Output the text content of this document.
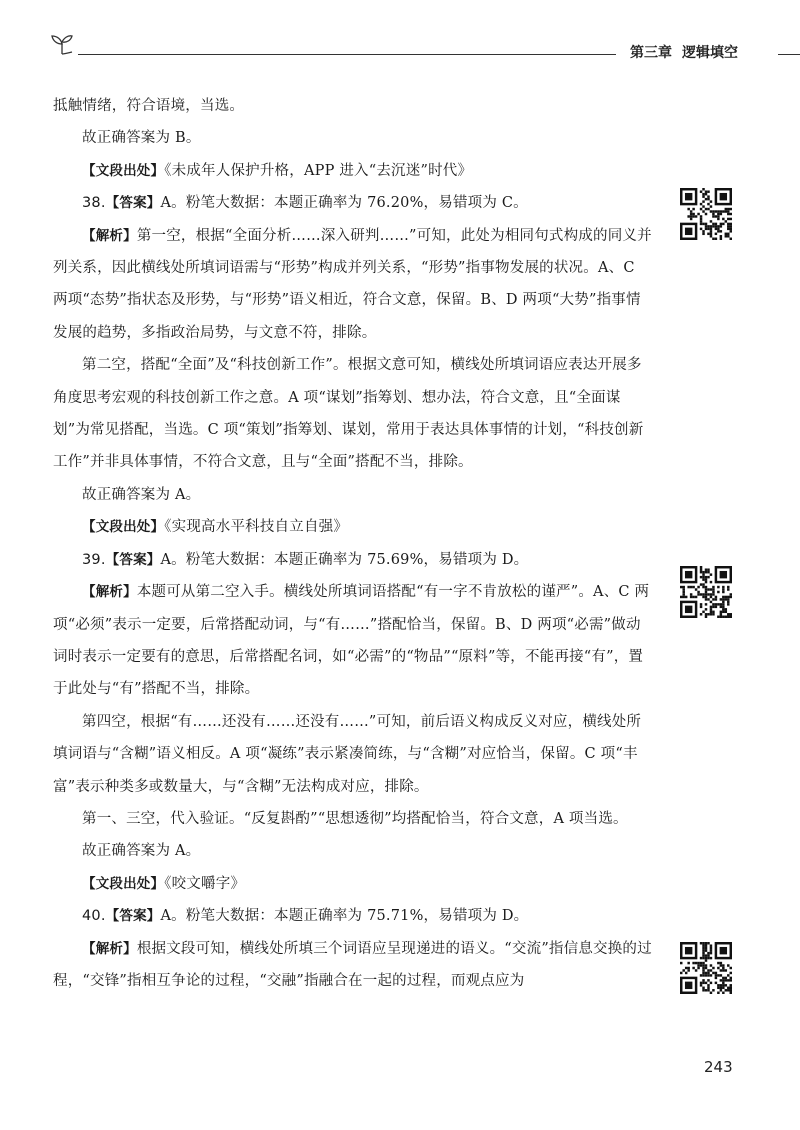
第三章 逻辑填空

抵触情绪，符合语境，当选。

故正确答案为 B。

【文段出处】《未成年人保护升格，APP 进入“去沉迷”时代》

38.【答案】A。粉笔大数据：本题正确率为 76.20%，易错项为 C。

【解析】第一空，根据“全面分析……深入研判……”可知，此处为相同句式构成的同义并列关系，因此横线处所填词语需与“形势”构成并列关系，“形势”指事物发展的状况。A、C 两项“态势”指状态及形势，与“形势”语义相近，符合文意，保留。B、D 两项“大势”指事情发展的趋势，多指政治局势，与文意不符，排除。

第二空，搭配“全面”及“科技创新工作”。根据文意可知，横线处所填词语应表达开展多角度思考宏观的科技创新工作之意。A 项“谋划”指筹划、想办法，符合文意，且“全面谋划”为常见搭配，当选。C 项“策划”指筹划、谋划，常用于表达具体事情的计划，“科技创新工作”并非具体事情，不符合文意，且与“全面”搭配不当，排除。

故正确答案为 A。

【文段出处】《实现高水平科技自立自强》

39.【答案】A。粉笔大数据：本题正确率为 75.69%，易错项为 D。

【解析】本题可从第二空入手。横线处所填词语搭配“有一字不肯放松的谨严”。A、C 两项“必须”表示一定要，后常搭配动词，与“有……”搭配恰当，保留。B、D 两项“必需”做动词时表示一定要有的意思，后常搭配名词，如“必需”的“物品”“原料”等，不能再接“有”，置于此处与“有”搭配不当，排除。

第四空，根据“有……还没有……还没有……”可知，前后语义构成反义对应，横线处所填词语与“含糊”语义相反。A 项“凝练”表示紧凑简练，与“含糊”对应恰当，保留。C 项“丰富”表示种类多或数量大，与“含糊”无法构成对应，排除。

第一、三空，代入验证。“反复斟酌”“思想透彻”均搭配恰当，符合文意，A 项当选。

故正确答案为 A。

【文段出处】《咬文嚼字》

40.【答案】A。粉笔大数据：本题正确率为 75.71%，易错项为 D。

【解析】根据文段可知，横线处所填三个词语应呈现递进的语义。“交流”指信息交换的过程，“交锋”指相互争论的过程，“交融”指融合在一起的过程，而观点应为

243
